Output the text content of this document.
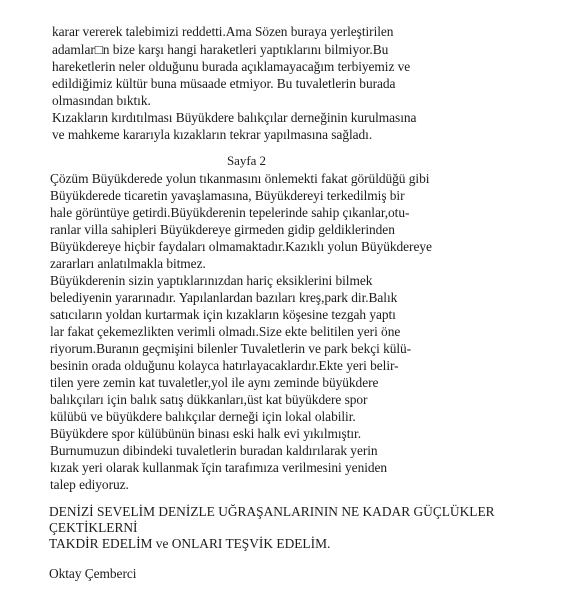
karar vererek talebimizi reddetti.Ama Sözen buraya yerleştirilen
adamlar□n bize karşı hangi haraketleri yaptıklarını bilmiyor.Bu
hareketlerin neler olduğunu burada açıklamayacağım terbiyemiz ve
edildiğimiz kültür buna müsaade etmiyor. Bu tuvaletlerin burada
olmasından bıktık.
Kızakların kırdıtılması Büyükdere balıkçılar derneğinin kurulmasına
ve mahkeme kararıyla kızakların tekrar yapılmasına sağladı.
Sayfa 2
Çözüm Büyükderede yolun tıkanmasını önlemekti fakat görüldüğü gibi
Büyükderede ticaretin yavaşlamasına, Büyükdereyi terkedilmiş bir
hale görüntüye getirdi.Büyükderenin tepelerinde sahip çıkanlar,otu-
ranlar villa sahipleri Büyükdereye girmeden gidip geldiklerinden
Büyükdereye hiçbir faydaları olmamaktadır.Kazıklı yolun Büyükdereye
zararları anlatılmakla bitmez.
Büyükderenin sizin yaptıklarınızdan hariç eksiklerini bilmek
belediyenin yararınadır. Yapılanlardan bazıları kreş,park dir.Balık
satıcıların yoldan kurtarmak için kızakların köşesine tezgah yaptı
lar fakat çekemezlikten verimli olmadı.Size ekte belitilen yeri öne
riyorum.Buranın geçmişini bilenler Tuvaletlerin ve park bekçi külü-
besinin orada olduğunu kolayca hatırlayacaklardır.Ekte yeri belir-
tilen yere zemin kat tuvaletler,yol ile aynı zeminde büyükdere
balıkçıları için balık satış dükkanları,üst kat büyükdere spor
külübü ve büyükdere balıkçılar derneği için lokal olabilir.
Büyükdere spor külübünün binası eski halk evi yıkılmıştır.
Burnumuzun dibindeki tuvaletlerin buradan kaldırılarak yerin
kızak yeri olarak kullanmak ĭçin tarafımıza verilmesini yeniden
talep ediyoruz.
DENİZİ SEVELİM DENİZLE UĞRAŞANLARININ NE KADAR GÜÇLÜKLER
ÇEKTİKLERNİ
TAKDİR EDELİM ve ONLARI TEŞVİK EDELİM.
Oktay Çemberci
